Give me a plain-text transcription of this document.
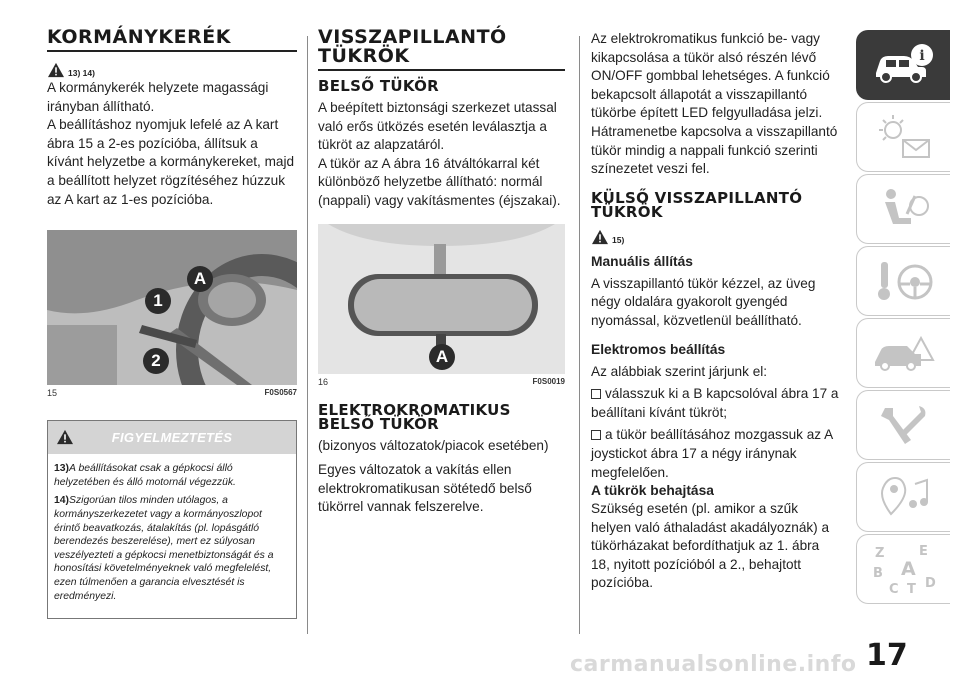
KORMÁNYKERÉK
13) 14)

A kormánykerék helyzete magassági irányban állítható.

A beállításhoz nyomjuk lefelé az A kart ábra 15 a 2-es pozícióba, állítsuk a kívánt helyzetbe a kormánykereket, majd a beállított helyzet rögzítéséhez húzzuk az A kart az 1-es pozícióba.

A
1
2
15	F0S0567
FIGYELMEZTETÉS

13)A beállításokat csak a gépkocsi álló helyzetében és álló motornál végezzük.

14)Szigorúan tilos minden utólagos, a kormányszerkezetet vagy a kormányoszlopot érintő beavatkozás, átalakítás (pl. lopásgátló berendezés beszerelése), mert ez súlyosan veszélyezteti a gépkocsi menetbiztonságát és a honosítási követelményeknek való megfelelést, ezen túlmenően a garancia elvesztését is eredményezi.

VISSZAPILLANTÓ
TÜKRÖK
BELSŐ TÜKÖR

A beépített biztonsági szerkezet utassal való erős ütközés esetén leválasztja a tükröt az alapzatáról.

A tükör az A ábra 16 átváltókarral két különböző helyzetbe állítható: normál (nappali) vagy vakításmentes (éjszakai).

A
16	F0S0019
ELEKTROKROMATIKUS
BELSŐ TÜKÖR

(bizonyos változatok/piacok esetében)

Egyes változatok a vakítás ellen elektrokromatikusan sötétedő belső tükörrel vannak felszerelve.

Az elektrokromatikus funkció be- vagy kikapcsolása a tükör alsó részén lévő ON/OFF gombbal lehetséges. A funkció bekapcsolt állapotát a visszapillantó tükörbe épített LED felgyulladása jelzi. Hátramenetbe kapcsolva a visszapillantó tükör mindig a nappali funkció szerinti színezetet veszi fel.

KÜLSŐ VISSZAPILLANTÓ
TÜKRÖK
15)
Manuális állítás

A visszapillantó tükör kézzel, az üveg négy oldalára gyakorolt gyengéd nyomással, közvetlenül beállítható.

Elektromos beállítás

Az alábbiak szerint járjunk el:

válasszuk ki a B kapcsolóval ábra 17 a beállítani kívánt tükröt;

a tükör beállításához mozgassuk az A joystickot ábra 17 a négy iránynak megfelelően.

A tükrök behajtása

Szükség esetén (pl. amikor a szűk helyen való áthaladást akadályoznák) a tükörházakat befordíthatjuk az 1. ábra 18, nyitott pozícióból a 2., behajtott pozícióba.

i
Z	E
B A
C T D
carmanualsonline.info 17
